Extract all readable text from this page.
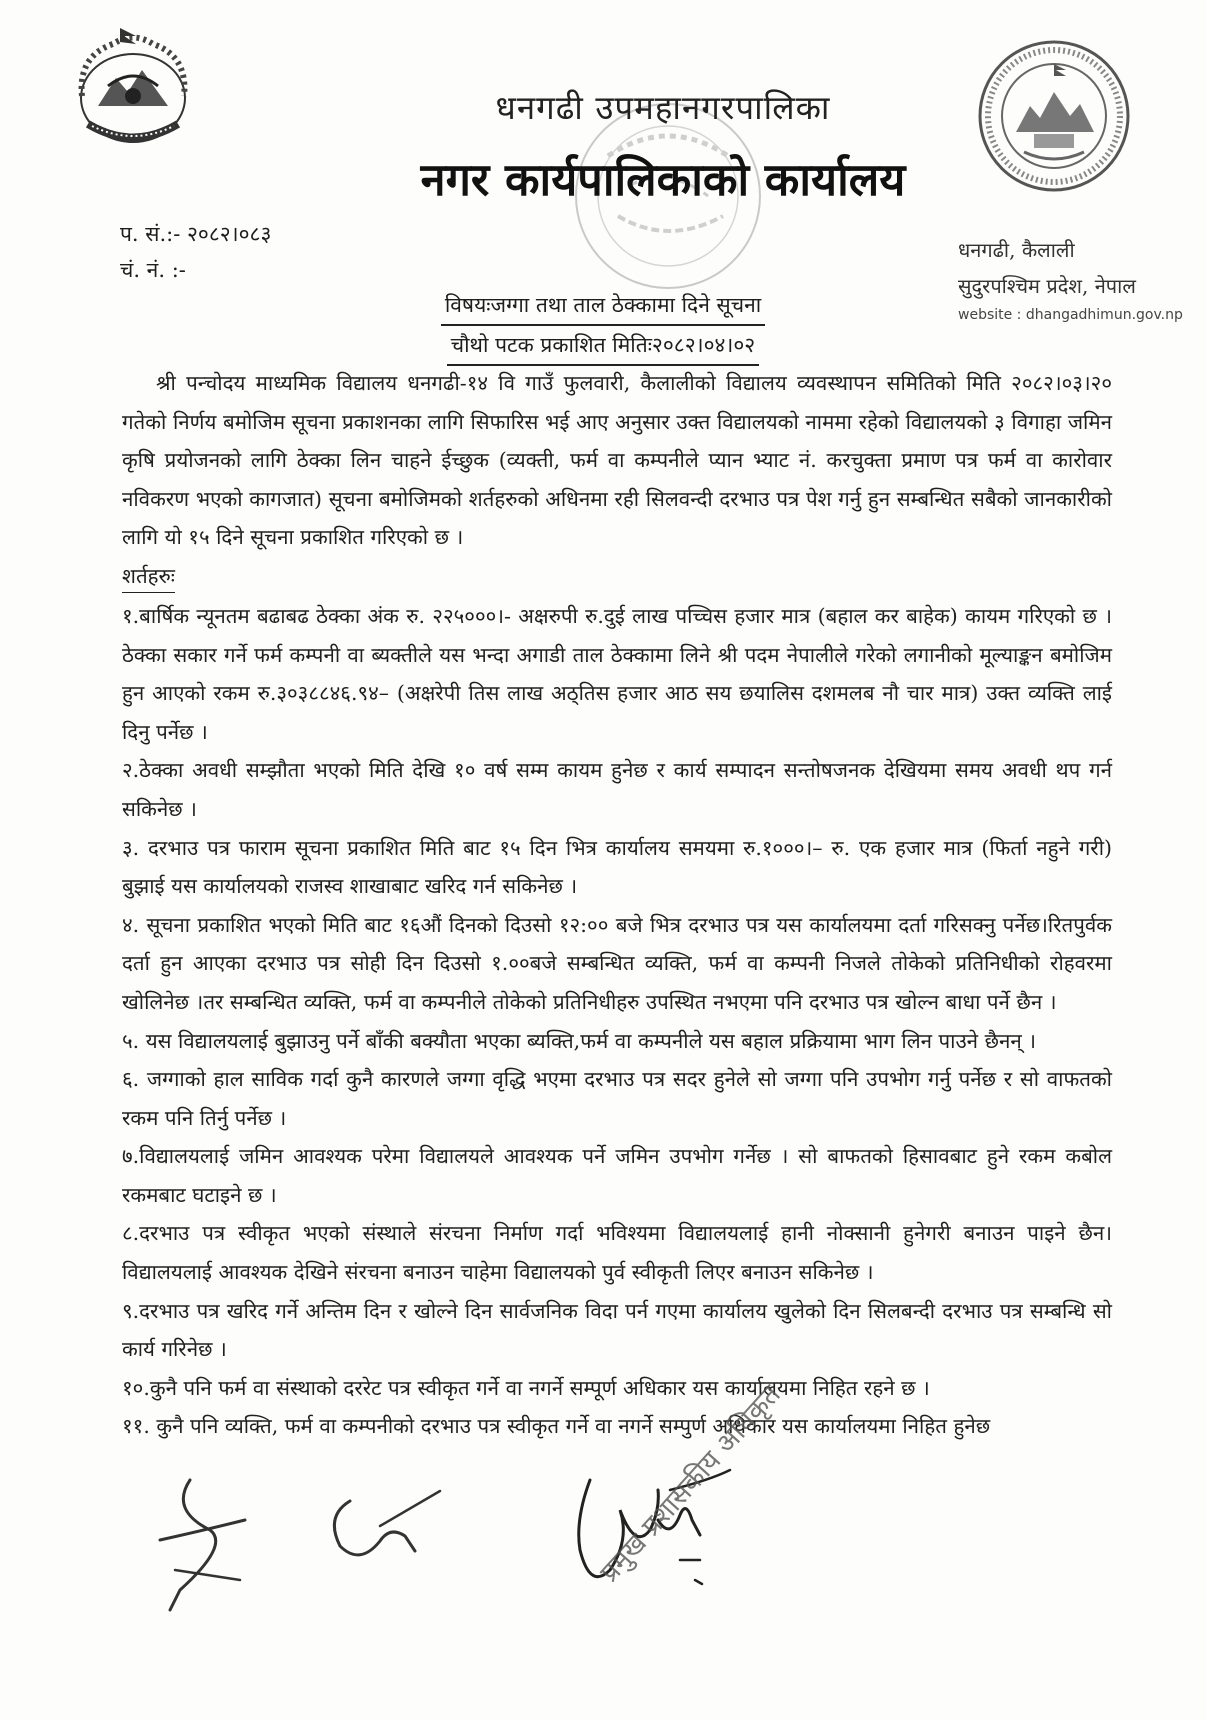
धनगढी उपमहानगरपालिका
नगर कार्यपालिकाको कार्यालय
प. सं.:- २०८२।०८३
चं. नं. :-
धनगढी, कैलाली
सुदुरपश्चिम प्रदेश, नेपाल
website : dhangadhimun.gov.np
विषयःजग्गा तथा ताल ठेक्कामा दिने सूचना
चौथो पटक प्रकाशित मितिः२०८२।०४।०२

श्री पन्चोदय माध्यमिक विद्यालय धनगढी-१४ वि गाउँ फुलवारी, कैलालीको विद्यालय व्यवस्थापन समितिको मिति २०८२।०३।२० गतेको निर्णय बमोजिम सूचना प्रकाशनका लागि सिफारिस भई आए अनुसार उक्त विद्यालयको नाममा रहेको विद्यालयको ३ विगाहा जमिन कृषि प्रयोजनको लागि ठेक्का लिन चाहने ईच्छुक (व्यक्ती, फर्म वा कम्पनीले प्यान भ्याट नं. करचुक्ता प्रमाण पत्र फर्म वा कारोवार नविकरण भएको कागजात) सूचना बमोजिमको शर्तहरुको अधिनमा रही सिलवन्दी दरभाउ पत्र पेश गर्नु हुन सम्बन्धित सबैको जानकारीको लागि यो १५ दिने सूचना प्रकाशित गरिएको छ ।

शर्तहरुः

१.बार्षिक न्यूनतम बढाबढ ठेक्का अंक रु. २२५०००।- अक्षरुपी रु.दुई लाख पच्चिस हजार मात्र (बहाल कर बाहेक) कायम गरिएको छ । ठेक्का सकार गर्ने फर्म कम्पनी वा ब्यक्तीले यस भन्दा अगाडी ताल ठेक्कामा लिने श्री पदम नेपालीले गरेको लगानीको मूल्याङ्कन बमोजिम हुन आएको रकम रु.३०३८८४६.९४– (अक्षरेपी तिस लाख अठ्तिस हजार आठ सय छयालिस दशमलब नौ चार मात्र) उक्त व्यक्ति लाई दिनु पर्नेछ ।

२.ठेक्का अवधी सम्झौता भएको मिति देखि १० वर्ष सम्म कायम हुनेछ र कार्य सम्पादन सन्तोषजनक देखियमा समय अवधी थप गर्न सकिनेछ ।

३. दरभाउ पत्र फाराम सूचना प्रकाशित मिति बाट १५ दिन भित्र कार्यालय समयमा रु.१०००।– रु. एक हजार मात्र (फिर्ता नहुने गरी) बुझाई यस कार्यालयको राजस्व शाखाबाट खरिद गर्न सकिनेछ ।

४. सूचना प्रकाशित भएको मिति बाट १६औं दिनको दिउसो १२:०० बजे भित्र दरभाउ पत्र यस कार्यालयमा दर्ता गरिसक्नु पर्नेछ।रितपुर्वक दर्ता हुन आएका दरभाउ पत्र सोही दिन दिउसो १.००बजे सम्बन्धित व्यक्ति, फर्म वा कम्पनी निजले तोकेको प्रतिनिधीको रोहवरमा खोलिनेछ ।तर सम्बन्धित व्यक्ति, फर्म वा कम्पनीले तोकेको प्रतिनिधीहरु उपस्थित नभएमा पनि दरभाउ पत्र खोल्न बाधा पर्ने छैन ।

५. यस विद्यालयलाई बुझाउनु पर्ने बाँकी बक्यौता भएका ब्यक्ति,फर्म वा कम्पनीले यस बहाल प्रक्रियामा भाग लिन पाउने छैनन् ।

६. जग्गाको हाल साविक गर्दा कुनै कारणले जग्गा वृद्धि भएमा दरभाउ पत्र सदर हुनेले सो जग्गा पनि उपभोग गर्नु पर्नेछ र सो वाफतको रकम पनि तिर्नु पर्नेछ ।

७.विद्यालयलाई जमिन आवश्यक परेमा विद्यालयले आवश्यक पर्ने जमिन उपभोग गर्नेछ । सो बाफतको हिसावबाट हुने रकम कबोल रकमबाट घटाइने छ ।

८.दरभाउ पत्र स्वीकृत भएको संस्थाले संरचना निर्माण गर्दा भविश्यमा विद्यालयलाई हानी नोक्सानी हुनेगरी बनाउन पाइने छैन। विद्यालयलाई आवश्यक देखिने संरचना बनाउन चाहेमा विद्यालयको पुर्व स्वीकृती लिएर बनाउन सकिनेछ ।

९.दरभाउ पत्र खरिद गर्ने अन्तिम दिन र खोल्ने दिन सार्वजनिक विदा पर्न गएमा कार्यालय खुलेको दिन सिलबन्दी दरभाउ पत्र सम्बन्धि सो कार्य गरिनेछ ।

१०.कुनै पनि फर्म वा संस्थाको दररेट पत्र स्वीकृत गर्ने वा नगर्ने सम्पूर्ण अधिकार यस कार्यालयमा निहित रहने छ ।

११. कुनै पनि व्यक्ति, फर्म वा कम्पनीको दरभाउ पत्र स्वीकृत गर्ने वा नगर्ने सम्पुर्ण अधिकार यस कार्यालयमा निहित हुनेछ

प्रमुख प्रशासकीय अधिकृत
